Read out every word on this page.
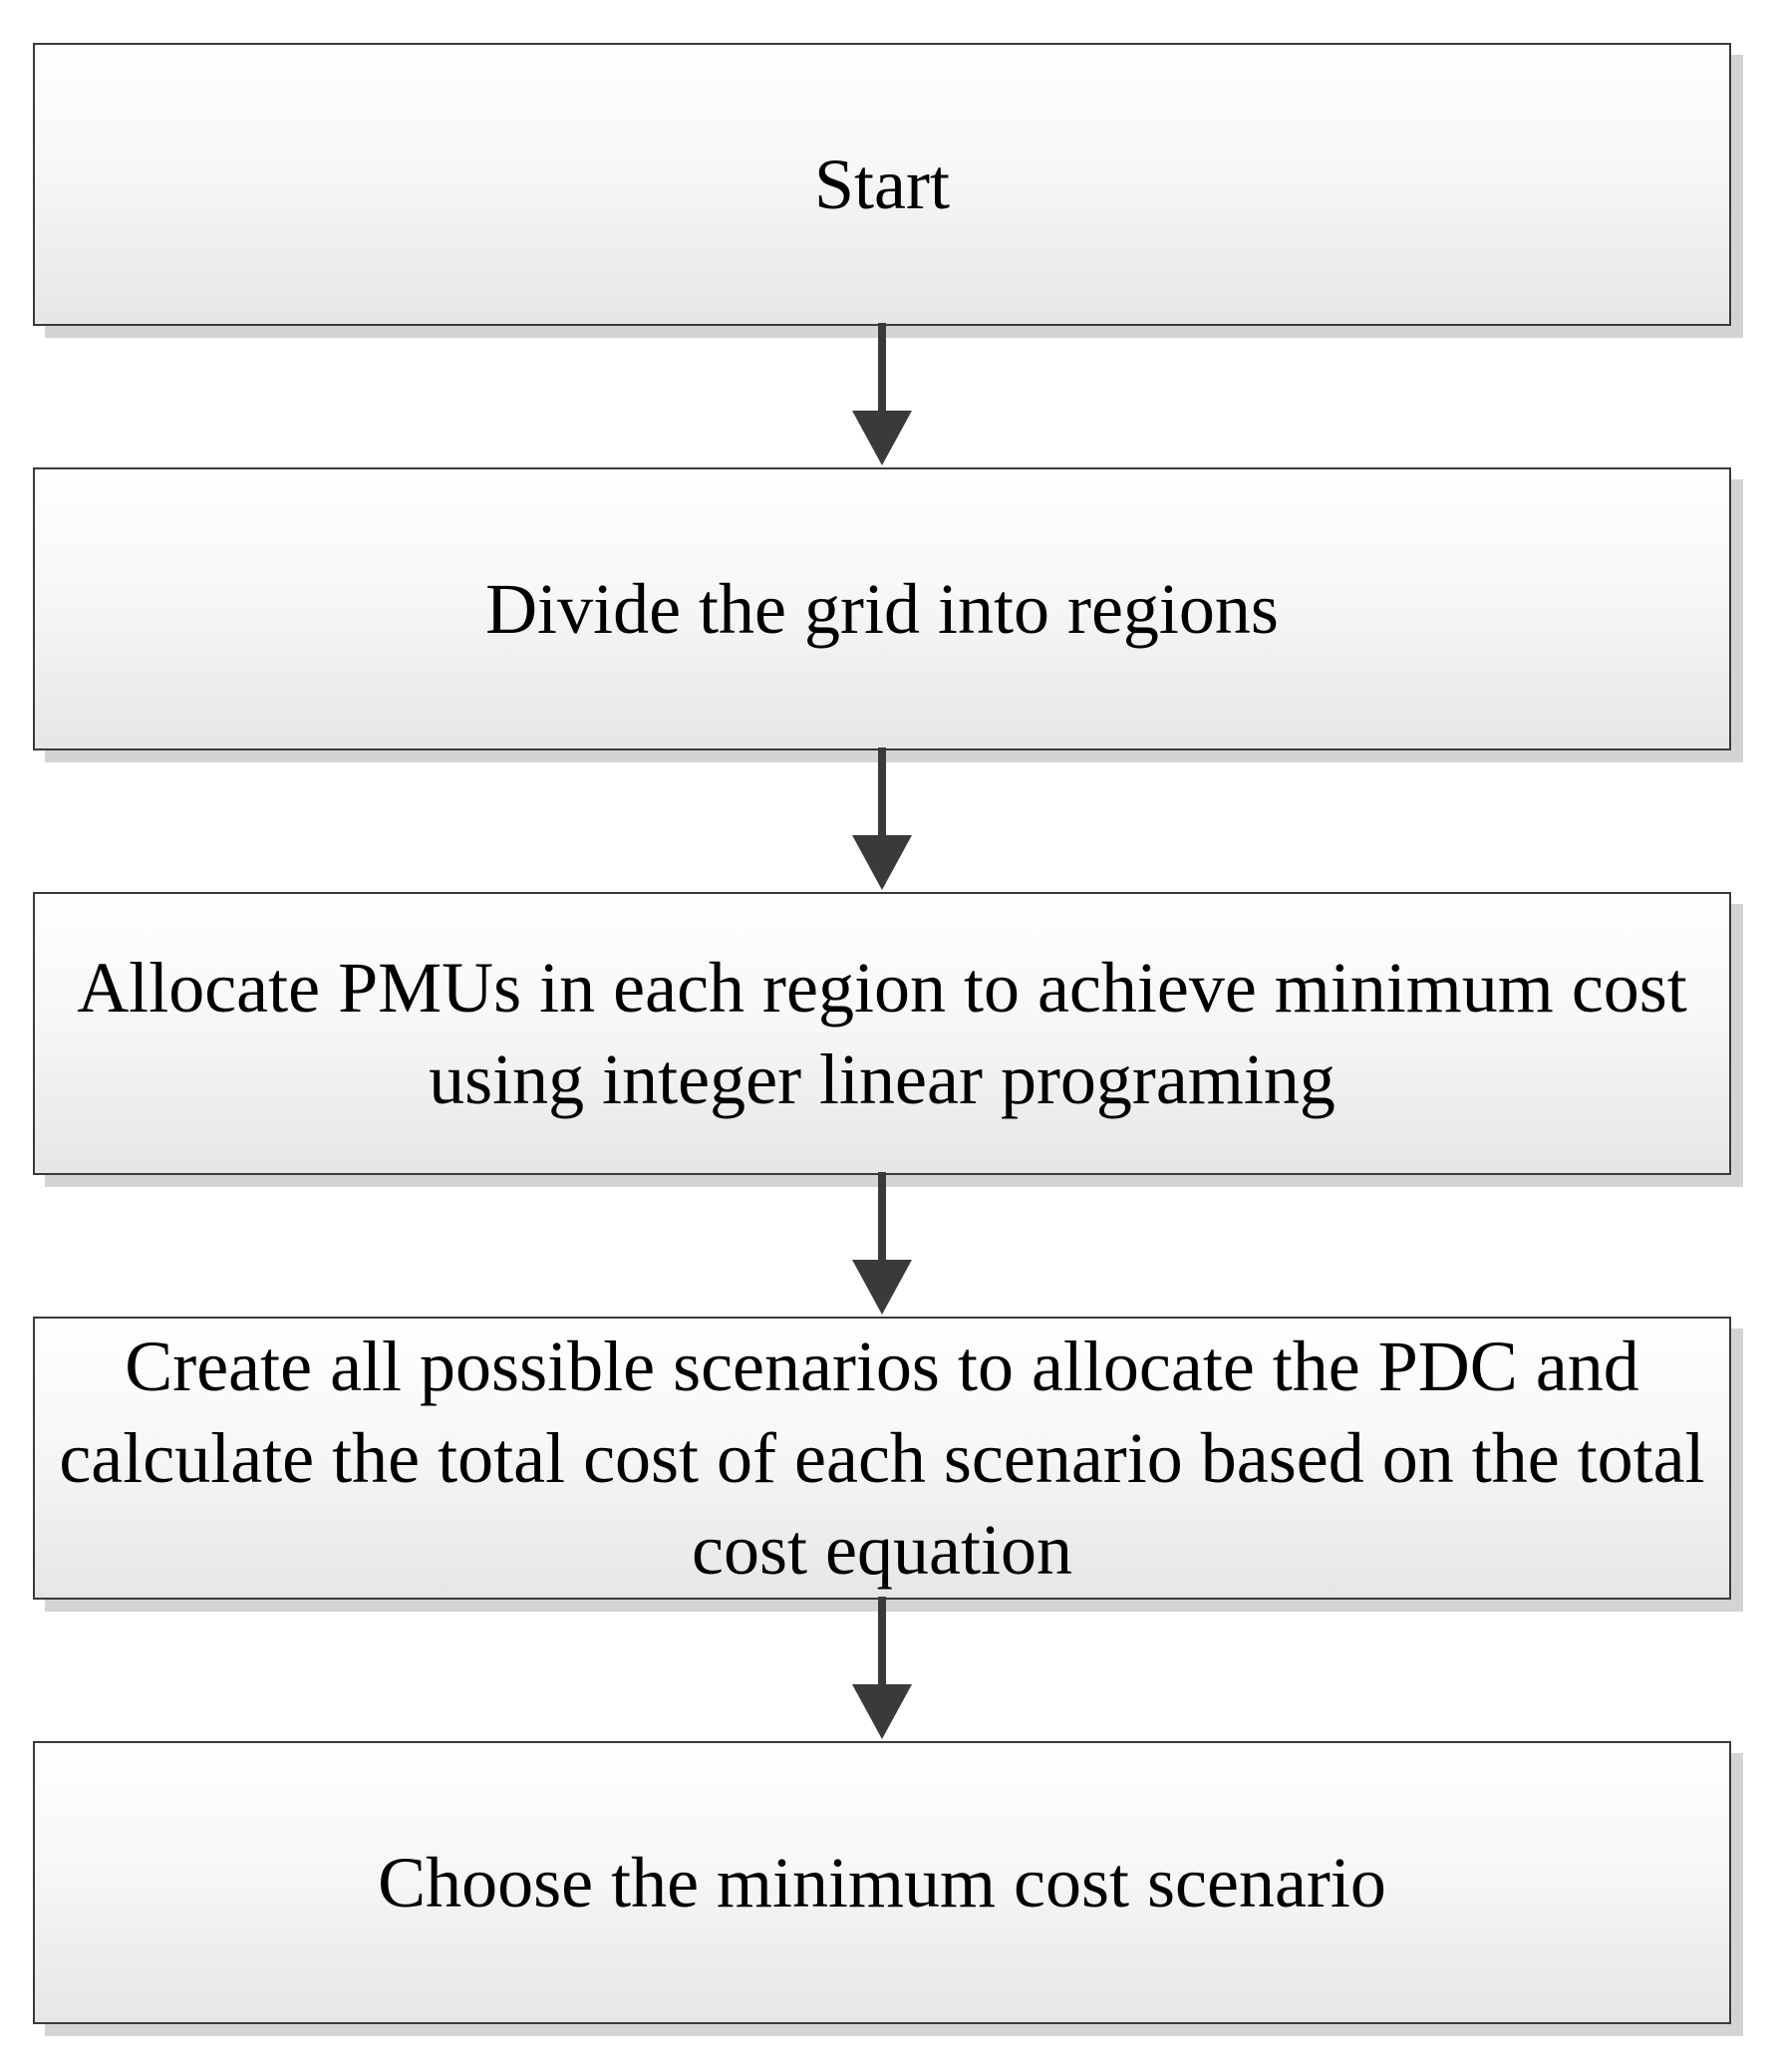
Start
Divide the grid into regions
Allocate PMUs in each region to achieve minimum cost using integer linear programing
Create all possible scenarios to allocate the PDC and calculate the total cost of each scenario based on the total cost equation
Choose the minimum cost scenario
